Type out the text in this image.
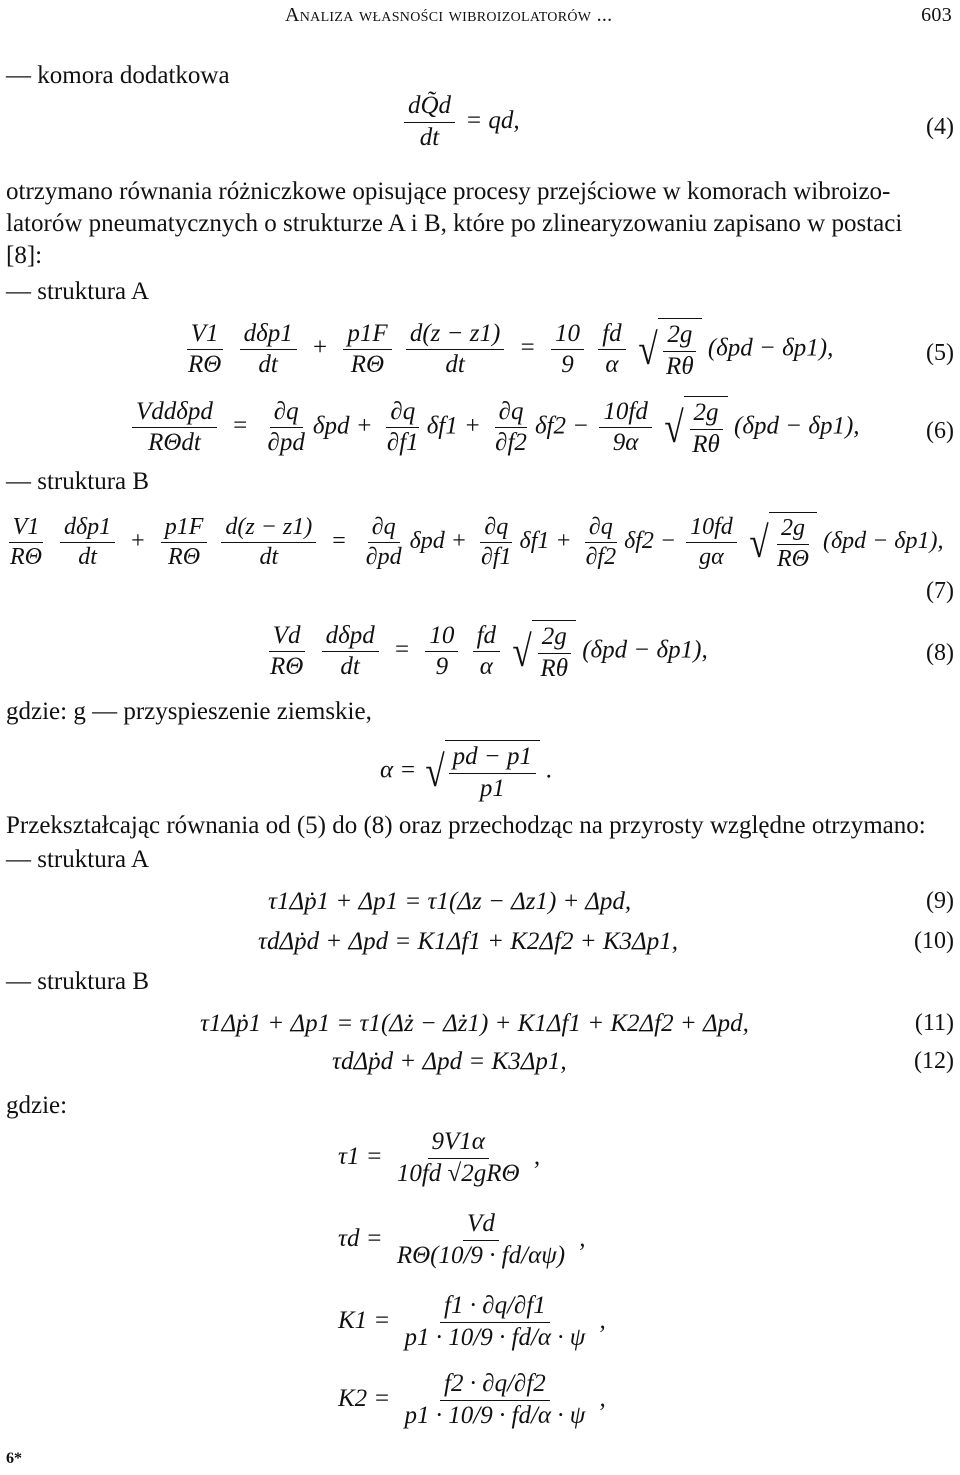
Analiza własności wibroizolatorów ...	603
— komora dodatkowa
$\frac{dQ̃d}{dt}$ = qd,	(4)
otrzymano równania różniczkowe opisujące procesy przejściowe w komorach wibroizo-
latorów pneumatycznych o strukturze A i B, które po zlinearyzowaniu zapisano w postaci
[8]:
— struktura A
$\frac{V1}{R\Theta}$
$\frac{\text{dδp1}}{dt} + \frac{p1F}{R\Theta}$
$\frac{d(z - z1)}{dt} = \frac{10}{9}$
$\frac{fd}{\alpha}$
√ $\frac{2g}{R\theta} (\delta pd - \delta p1)$,	(5)
$\frac{\text{Vddδpd}}{\text{RΘdt}} = \frac{\partial q}{\partial pd}$ $\delta pd + \frac{\partial q}{\partial f1} \delta f1 + \frac{\partial q}{\partial f2} \delta f2 - \frac{10fd}{9\alpha}$
√ $\frac{2g}{R\theta} (\delta pd - \delta p1)$,	(6)
— struktura B
$\frac{V1}{R\Theta}$
$\frac{\text{dδp1}}{dt} + \frac{p1F}{R\Theta}$
$\frac{d(z - z1)}{dt} = \frac{\partial q}{\partial pd}$ $\delta pd + \frac{\partial q}{\partial f1} \delta f1 + \frac{\partial q}{\partial f2} \delta f2 - \frac{10fd}{g\alpha}$
√ $\frac{2g}{R\Theta} (\delta pd - \delta p1)$,
(7)
$\frac{Vd}{R\Theta}$
$\frac{\text{dδpd}}{dt} = \frac{10}{9}$
$\frac{fd}{\alpha}$
√ $\frac{2g}{R\theta} (\delta pd - \delta p1)$,	(8)
gdzie: g — przyspieszenie ziemskie,
α = √ $\frac{pd - p1}{p1}$ .
Przekształcając równania od (5) do (8) oraz przechodząc na przyrosty względne otrzymano:
— struktura A
τ1Δṗ1 + Δp1 = τ1(Δz − Δz1) + Δpd,	(9)
τdΔṗd + Δpd = K1Δf1 + K2Δf2 + K3Δp1,	(10)
— struktura B
τ1Δṗ1 + Δp1 = τ1(Δż − Δż1) + K1Δf1 + K2Δf2 + Δpd,	(11)
τdΔṗd + Δpd = K3Δp1,	(12)
gdzie:
$\tau 1 = \frac{9V1\alpha}{\text{10fd √2gRΘ}}$ ,
$\tau d = \frac{Vd}{R\Theta(10/9 \cdot fd/\alpha\psi)}$ ,
$K1 = \frac{f1 \cdot \partial q/\partial f1}{p1 \cdot 10/9 \cdot fd/\alpha \cdot \psi}$ ,
$K2 = \frac{f2 \cdot \partial q/\partial f2}{p1 \cdot 10/9 \cdot fd/\alpha \cdot \psi}$ ,
6*
